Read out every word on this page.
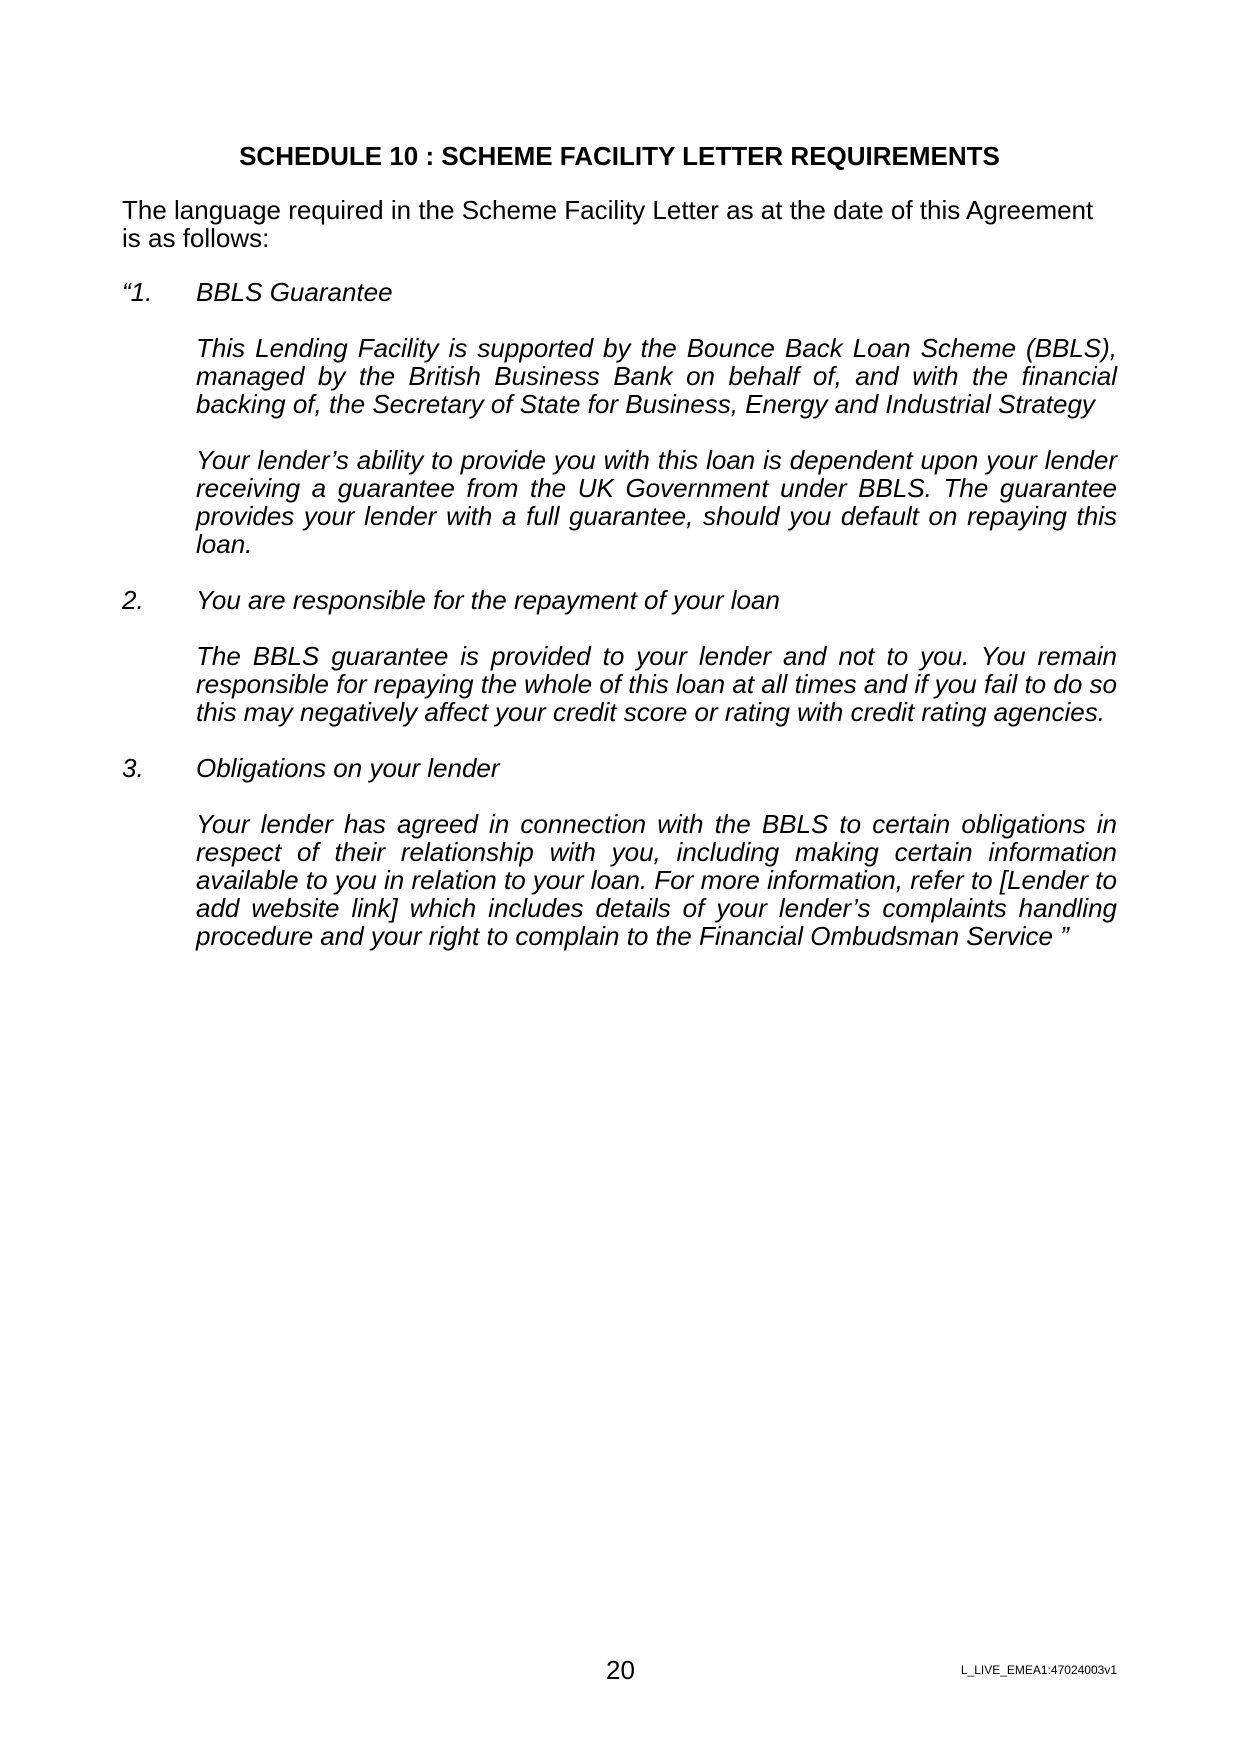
SCHEDULE 10 : SCHEME FACILITY LETTER REQUIREMENTS

The language required in the Scheme Facility Letter as at the date of this Agreement is as follows:

“1.	BBLS Guarantee

This Lending Facility is supported by the Bounce Back Loan Scheme (BBLS), managed by the British Business Bank on behalf of, and with the financial backing of, the Secretary of State for Business, Energy and Industrial Strategy

Your lender’s ability to provide you with this loan is dependent upon your lender receiving a guarantee from the UK Government under BBLS. The guarantee provides your lender with a full guarantee, should you default on repaying this loan.

2.	You are responsible for the repayment of your loan

The BBLS guarantee is provided to your lender and not to you. You remain responsible for repaying the whole of this loan at all times and if you fail to do so this may negatively affect your credit score or rating with credit rating agencies.

3.	Obligations on your lender

Your lender has agreed in connection with the BBLS to certain obligations in respect of their relationship with you, including making certain information available to you in relation to your loan. For more information, refer to [Lender to add website link] which includes details of your lender’s complaints handling procedure and your right to complain to the Financial Ombudsman Service ”

20	L_LIVE_EMEA1:47024003v1
